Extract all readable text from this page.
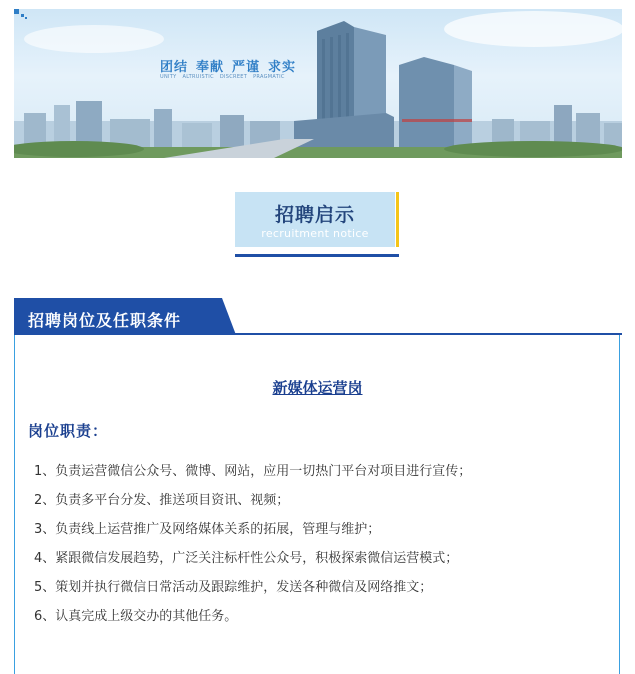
团结 奉献 严谨 求实
UNITY ALTRUISTIC DISCREET PRAGMATIC
招聘启示
recruitment notice
招聘岗位及任职条件
新媒体运营岗
岗位职责：
1、负责运营微信公众号、微博、网站，应用一切热门平台对项目进行宣传；
2、负责多平台分发、推送项目资讯、视频；
3、负责线上运营推广及网络媒体关系的拓展，管理与维护；
4、紧跟微信发展趋势，广泛关注标杆性公众号，积极探索微信运营模式；
5、策划并执行微信日常活动及跟踪维护，发送各种微信及网络推文；
6、认真完成上级交办的其他任务。
